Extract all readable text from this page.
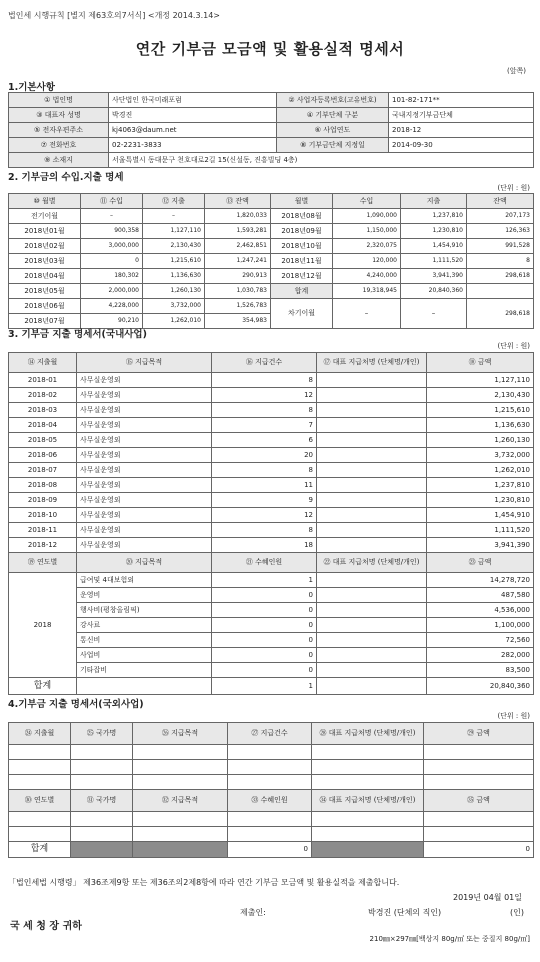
법인세 시행규칙 [별지 제63호의7서식] <개정 2014.3.14>
연간 기부금 모금액 및 활용실적 명세서
(앞쪽)
1.기본사항
① 법인명	사단법인 한국미래포럼	② 사업자등록번호(고유번호)	101-82-171**
③ 대표자 성명	박경진	④ 기부단체 구분	국내지정기부금단체
⑤ 전자우편주소	kj4063@daum.net	⑥ 사업연도	2018-12
⑦ 전화번호	02-2231-3833	⑧ 기부금단체 지정일	2014-09-30
⑨ 소재지	서울특별시 동대문구 천호대로2길 15(신설동, 진흥빌딩 4층)		
2. 기부금의 수입.지출 명세
(단위 : 원)
⑩ 월별	⑪ 수입	⑫ 지출	⑬ 잔액	월별	수입	지출	잔액
전기이월	–	–	1,820,033	2018년08월	1,090,000	1,237,810	207,173
2018년01월	900,358	1,127,110	1,593,281	2018년09월	1,150,000	1,230,810	126,363
2018년02월	3,000,000	2,130,430	2,462,851	2018년10월	2,320,075	1,454,910	991,528
2018년03월	0	1,215,610	1,247,241	2018년11월	120,000	1,111,520	8
2018년04월	180,302	1,136,630	290,913	2018년12월	4,240,000	3,941,390	298,618
2018년05월	2,000,000	1,260,130	1,030,783	합계	19,318,945	20,840,360	
2018년06월	4,228,000	3,732,000	1,526,783	차기이월	–	–	298,618
2018년07월	90,210	1,262,010	354,983				
3. 기부금 지출 명세서(국내사업)
(단위 : 원)
⑭ 지출월	⑮ 지급목적	⑯ 지급건수	⑰ 대표 지급처명 (단체명/개인)	⑱ 금액
2018-01	사무실운영외	8		1,127,110
2018-02	사무실운영외	12		2,130,430
2018-03	사무실운영외	8		1,215,610
2018-04	사무실운영외	7		1,136,630
2018-05	사무실운영외	6		1,260,130
2018-06	사무실운영외	20		3,732,000
2018-07	사무실운영외	8		1,262,010
2018-08	사무실운영외	11		1,237,810
2018-09	사무실운영외	9		1,230,810
2018-10	사무실운영외	12		1,454,910
2018-11	사무실운영외	8		1,111,520
2018-12	사무실운영외	18		3,941,390
⑲ 연도별	⑳ 지급목적	㉑ 수혜인원	㉒ 대표 지급처명 (단체명/개인)	㉓ 금액
2018	급여및 4대보험외	1		14,278,720
	운영비	0		487,580
	행사비(평창올림픽)	0		4,536,000
	강사료	0		1,100,000
	통신비	0		72,560
	사업비	0		282,000
	기타잡비	0		83,500
합계		1		20,840,360
4.기부금 지출 명세서(국외사업)
(단위 : 원)
㉔ 지출월	㉕ 국가명	㉖ 지급목적	㉗ 지급건수	㉘ 대표 지급처명 (단체명/개인)	㉙ 금액

㉚ 연도별	㉛ 국가명	㉜ 지급목적	㉝ 수혜인원	㉞ 대표 지급처명 (단체명/개인)	㉟ 금액

합계			0		0
「법인세법 시행령」 제36조제9항 또는 제36조의2제8항에 따라 연간 기부금 모금액 및 활용실적을 제출합니다.
2019년 04월 01일
제출인:	박경진 (단체의 직인)	(인)
국 세 청 장 귀하
210㎜×297㎜[백상지 80g/㎡ 또는 중질지 80g/㎡]
